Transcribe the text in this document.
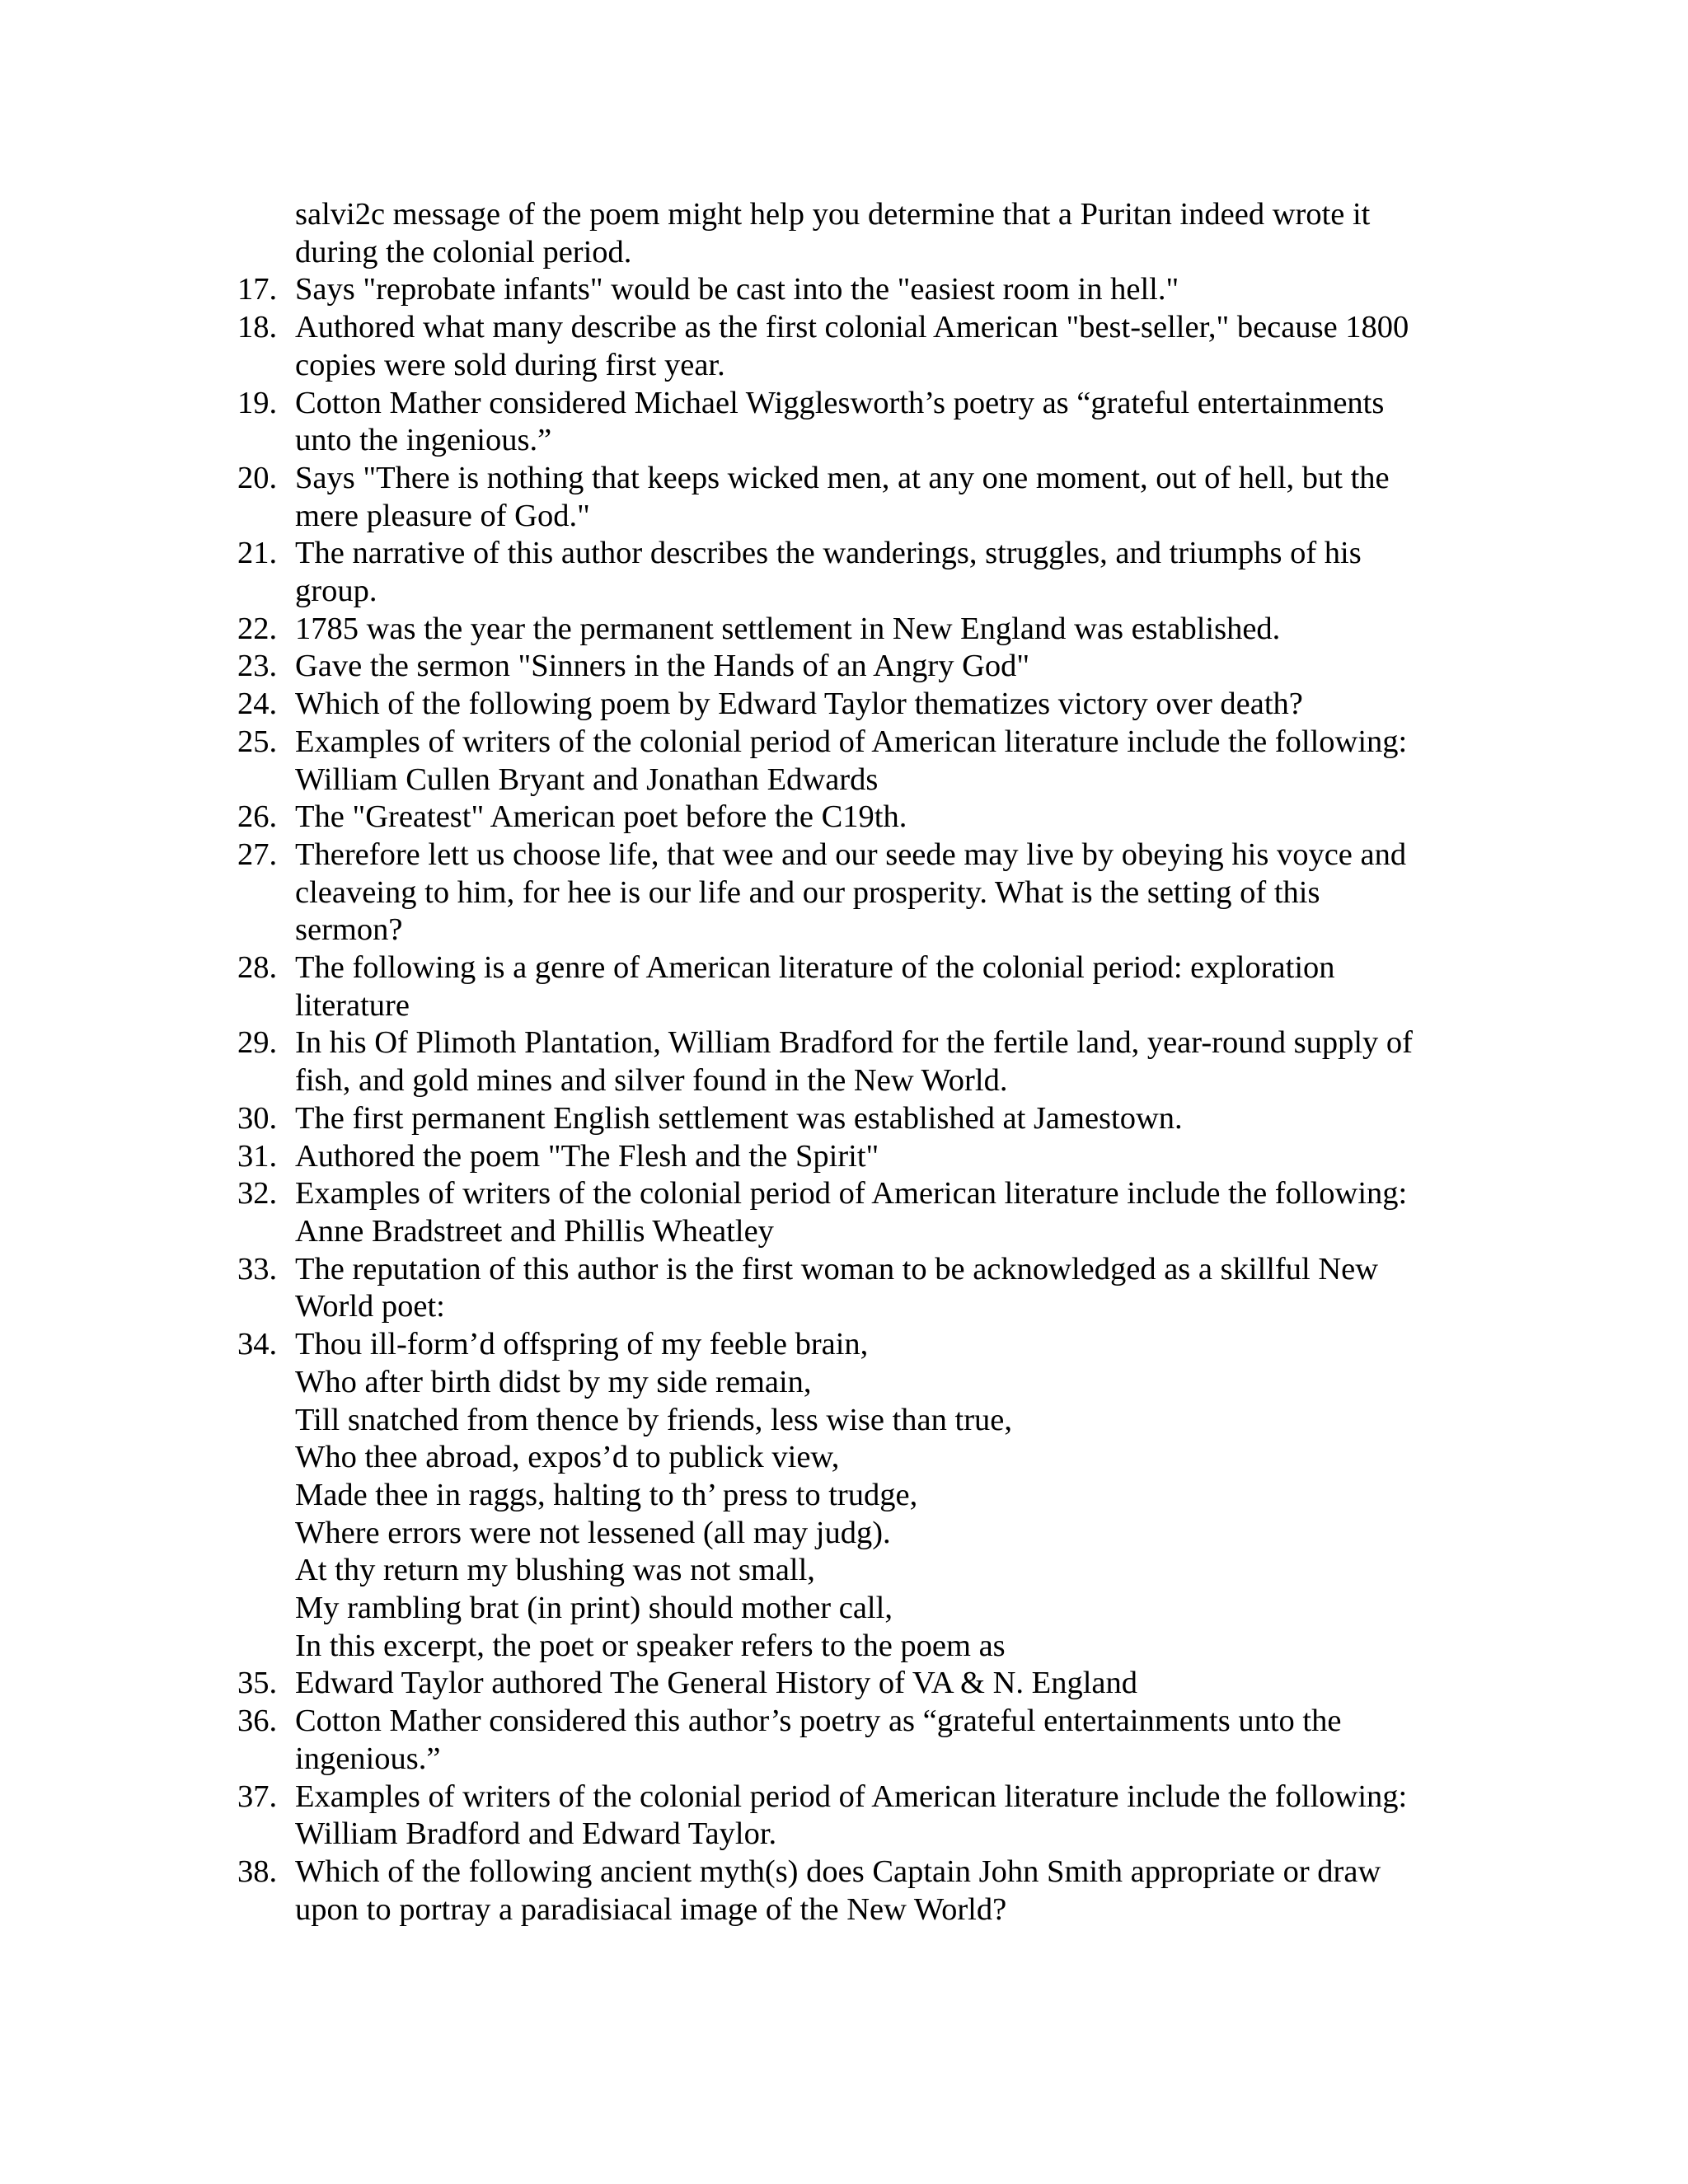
salvi2c message of the poem might help you determine that a Puritan indeed wrote it
during the colonial period.
17. Says "reprobate infants" would be cast into the "easiest room in hell."
18. Authored what many describe as the first colonial American "best-seller," because 1800
copies were sold during first year.
19. Cotton Mather considered Michael Wigglesworth’s poetry as “grateful entertainments
unto the ingenious.”
20. Says "There is nothing that keeps wicked men, at any one moment, out of hell, but the
mere pleasure of God."
21. The narrative of this author describes the wanderings, struggles, and triumphs of his
group.
22. 1785 was the year the permanent settlement in New England was established.
23. Gave the sermon "Sinners in the Hands of an Angry God"
24. Which of the following poem by Edward Taylor thematizes victory over death?
25. Examples of writers of the colonial period of American literature include the following:
William Cullen Bryant and Jonathan Edwards
26. The "Greatest" American poet before the C19th.
27. Therefore lett us choose life, that wee and our seede may live by obeying his voyce and
cleaveing to him, for hee is our life and our prosperity. What is the setting of this
sermon?
28. The following is a genre of American literature of the colonial period: exploration
literature
29. In his Of Plimoth Plantation, William Bradford for the fertile land, year-round supply of
fish, and gold mines and silver found in the New World.
30. The first permanent English settlement was established at Jamestown.
31. Authored the poem "The Flesh and the Spirit"
32. Examples of writers of the colonial period of American literature include the following:
Anne Bradstreet and Phillis Wheatley
33. The reputation of this author is the first woman to be acknowledged as a skillful New
World poet:
34. Thou ill-form’d offspring of my feeble brain,
Who after birth didst by my side remain,
Till snatched from thence by friends, less wise than true,
Who thee abroad, expos’d to publick view,
Made thee in raggs, halting to th’ press to trudge,
Where errors were not lessened (all may judg).
At thy return my blushing was not small,
My rambling brat (in print) should mother call,
In this excerpt, the poet or speaker refers to the poem as
35. Edward Taylor authored The General History of VA & N. England
36. Cotton Mather considered this author’s poetry as “grateful entertainments unto the
ingenious.”
37. Examples of writers of the colonial period of American literature include the following:
William Bradford and Edward Taylor.
38. Which of the following ancient myth(s) does Captain John Smith appropriate or draw
upon to portray a paradisiacal image of the New World?
